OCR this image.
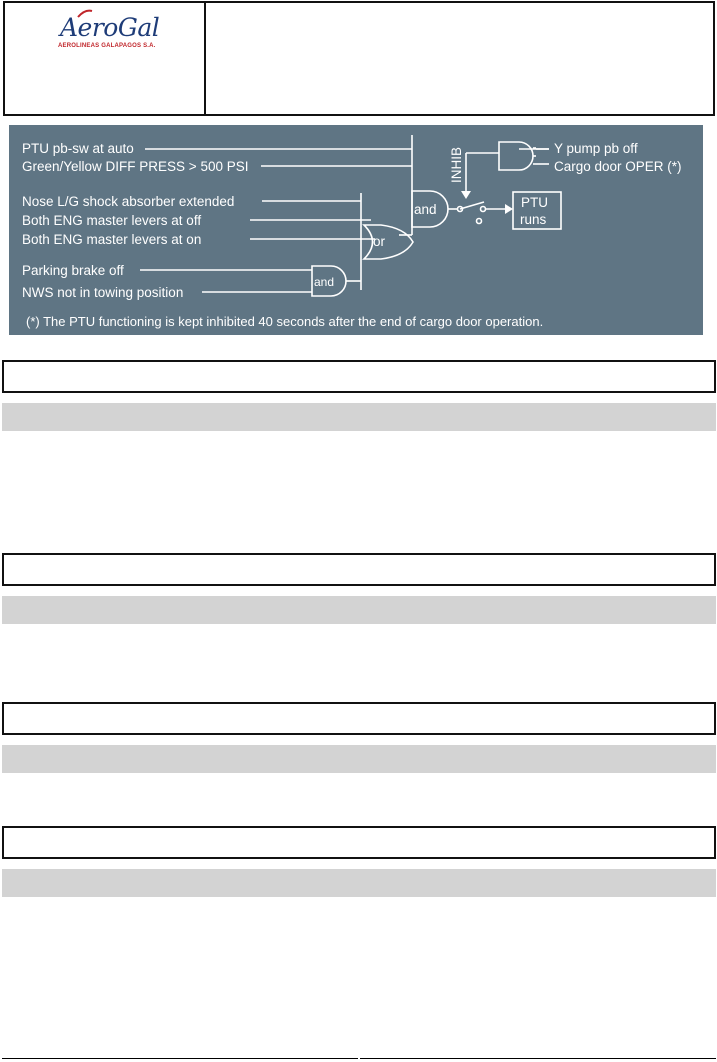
AeroGal
AEROLINEAS GALAPAGOS S.A.
PTU pb-sw at auto
Green/Yellow DIFF PRESS > 500 PSI
Nose L/G shock absorber extended
Both ENG master levers at off
Both ENG master levers at on
Parking brake off
NWS not in towing position
Y pump pb off
Cargo door OPER (*)
and
or
and
INHIB
PTU
runs
(*) The PTU functioning is kept inhibited 40 seconds after the end of cargo door operation.
